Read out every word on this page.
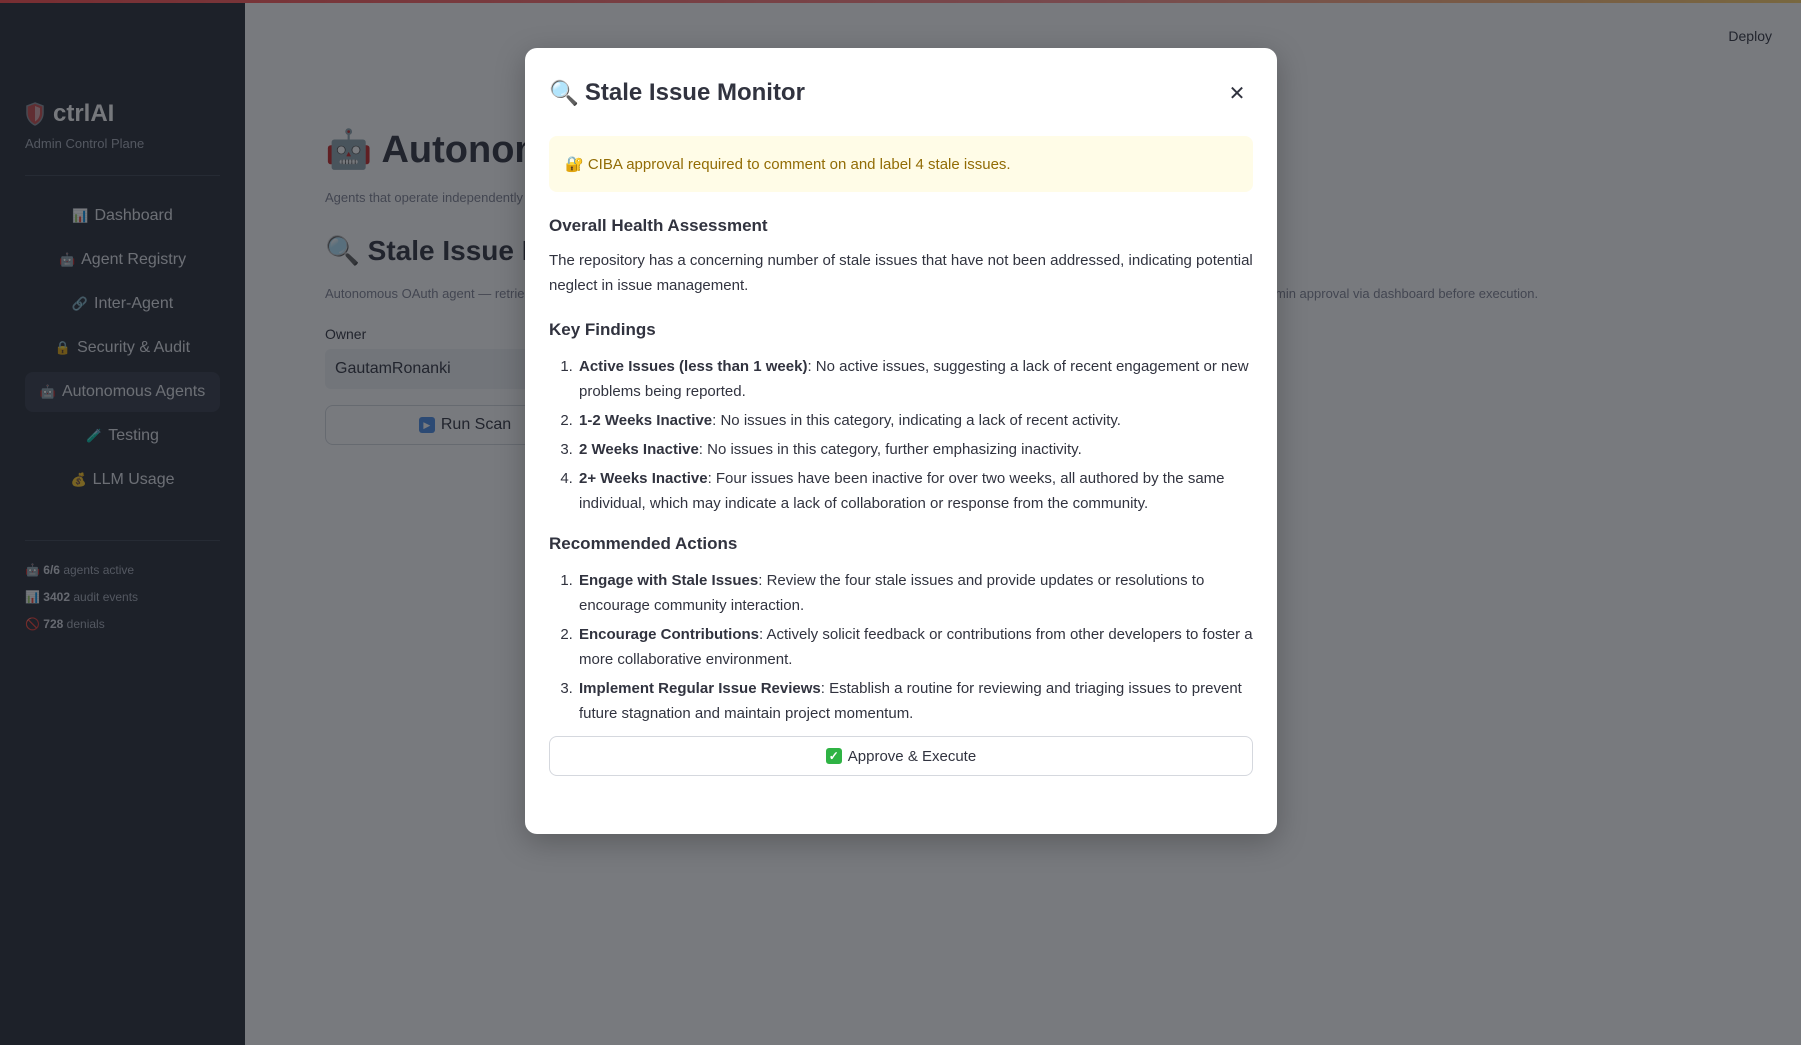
GautamRonanki
🔍 Stale Issue Monitor	✕
🔐 CIBA approval required to comment on and label 4 stale issues.
Overall Health Assessment

The repository has a concerning number of stale issues that have not been addressed, indicating potential neglect in issue management.

Key Findings
1. Active Issues (less than 1 week): No active issues, suggesting a lack of recent engagement or new problems being reported.
2. 1-2 Weeks Inactive: No issues in this category, indicating a lack of recent activity.
3. 2 Weeks Inactive: No issues in this category, further emphasizing inactivity.
4. 2+ Weeks Inactive: Four issues have been inactive for over two weeks, all authored by the same individual, which may indicate a lack of collaboration or response from the community.
Recommended Actions
1. Engage with Stale Issues: Review the four stale issues and provide updates or resolutions to encourage community interaction.
2. Encourage Contributions: Actively solicit feedback or contributions from other developers to foster a more collaborative environment.
3. Implement Regular Issue Reviews: Establish a routine for reviewing and triaging issues to prevent future stagnation and maintain project momentum.
✓ Approve & Execute
